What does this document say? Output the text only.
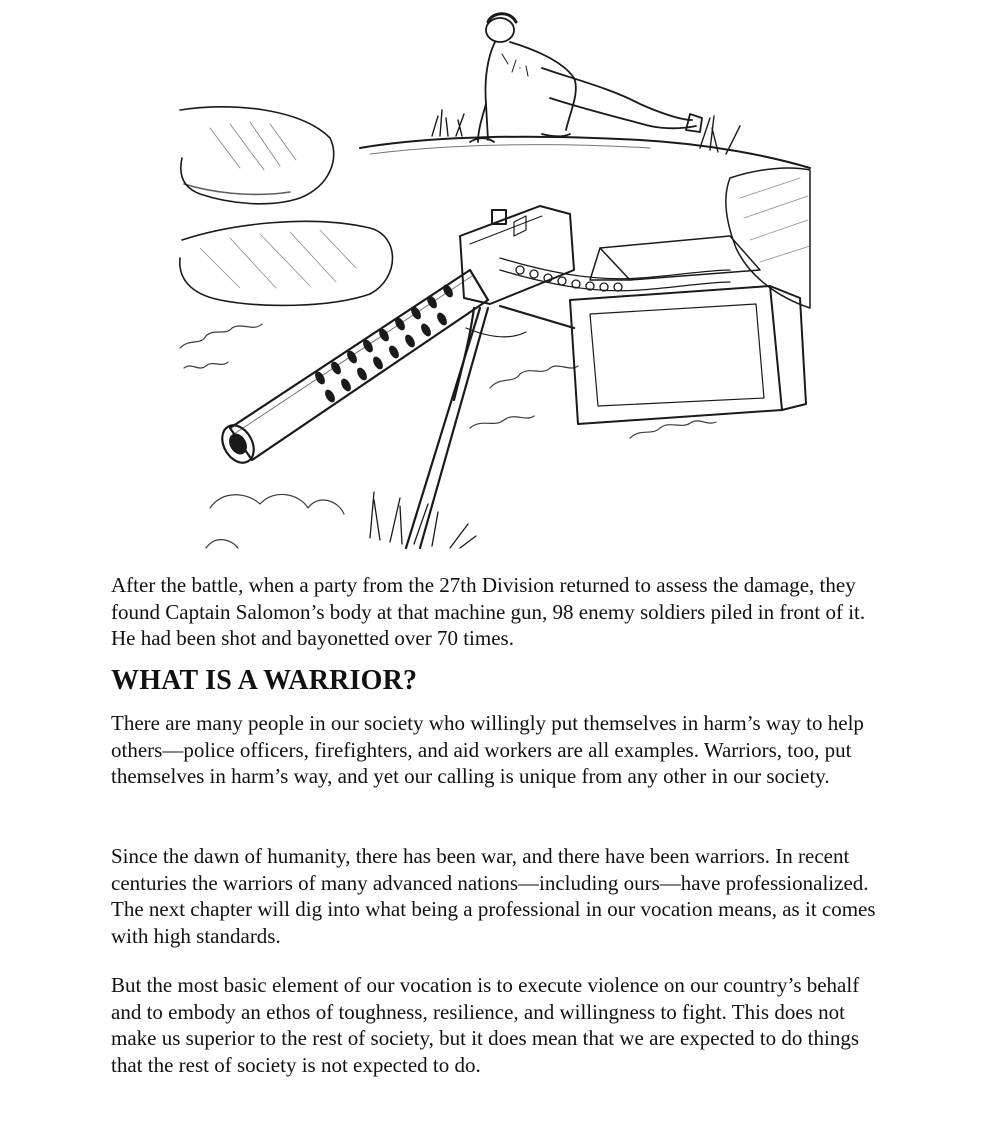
After the battle, when a party from the 27th Division returned to assess the damage, they found Captain Salomon’s body at that machine gun, 98 enemy soldiers piled in front of it. He had been shot and bayonetted over 70 times.

WHAT IS A WARRIOR?

There are many people in our society who willingly put themselves in harm’s way to help others—police officers, firefighters, and aid workers are all examples. Warriors, too, put themselves in harm’s way, and yet our calling is unique from any other in our society.

Since the dawn of humanity, there has been war, and there have been warriors. In recent centuries the warriors of many advanced nations—including ours—have professionalized. The next chapter will dig into what being a professional in our vocation means, as it comes with high standards.

But the most basic element of our vocation is to execute violence on our country’s behalf and to embody an ethos of toughness, resilience, and willingness to fight. This does not make us superior to the rest of society, but it does mean that we are expected to do things that the rest of society is not expected to do.
